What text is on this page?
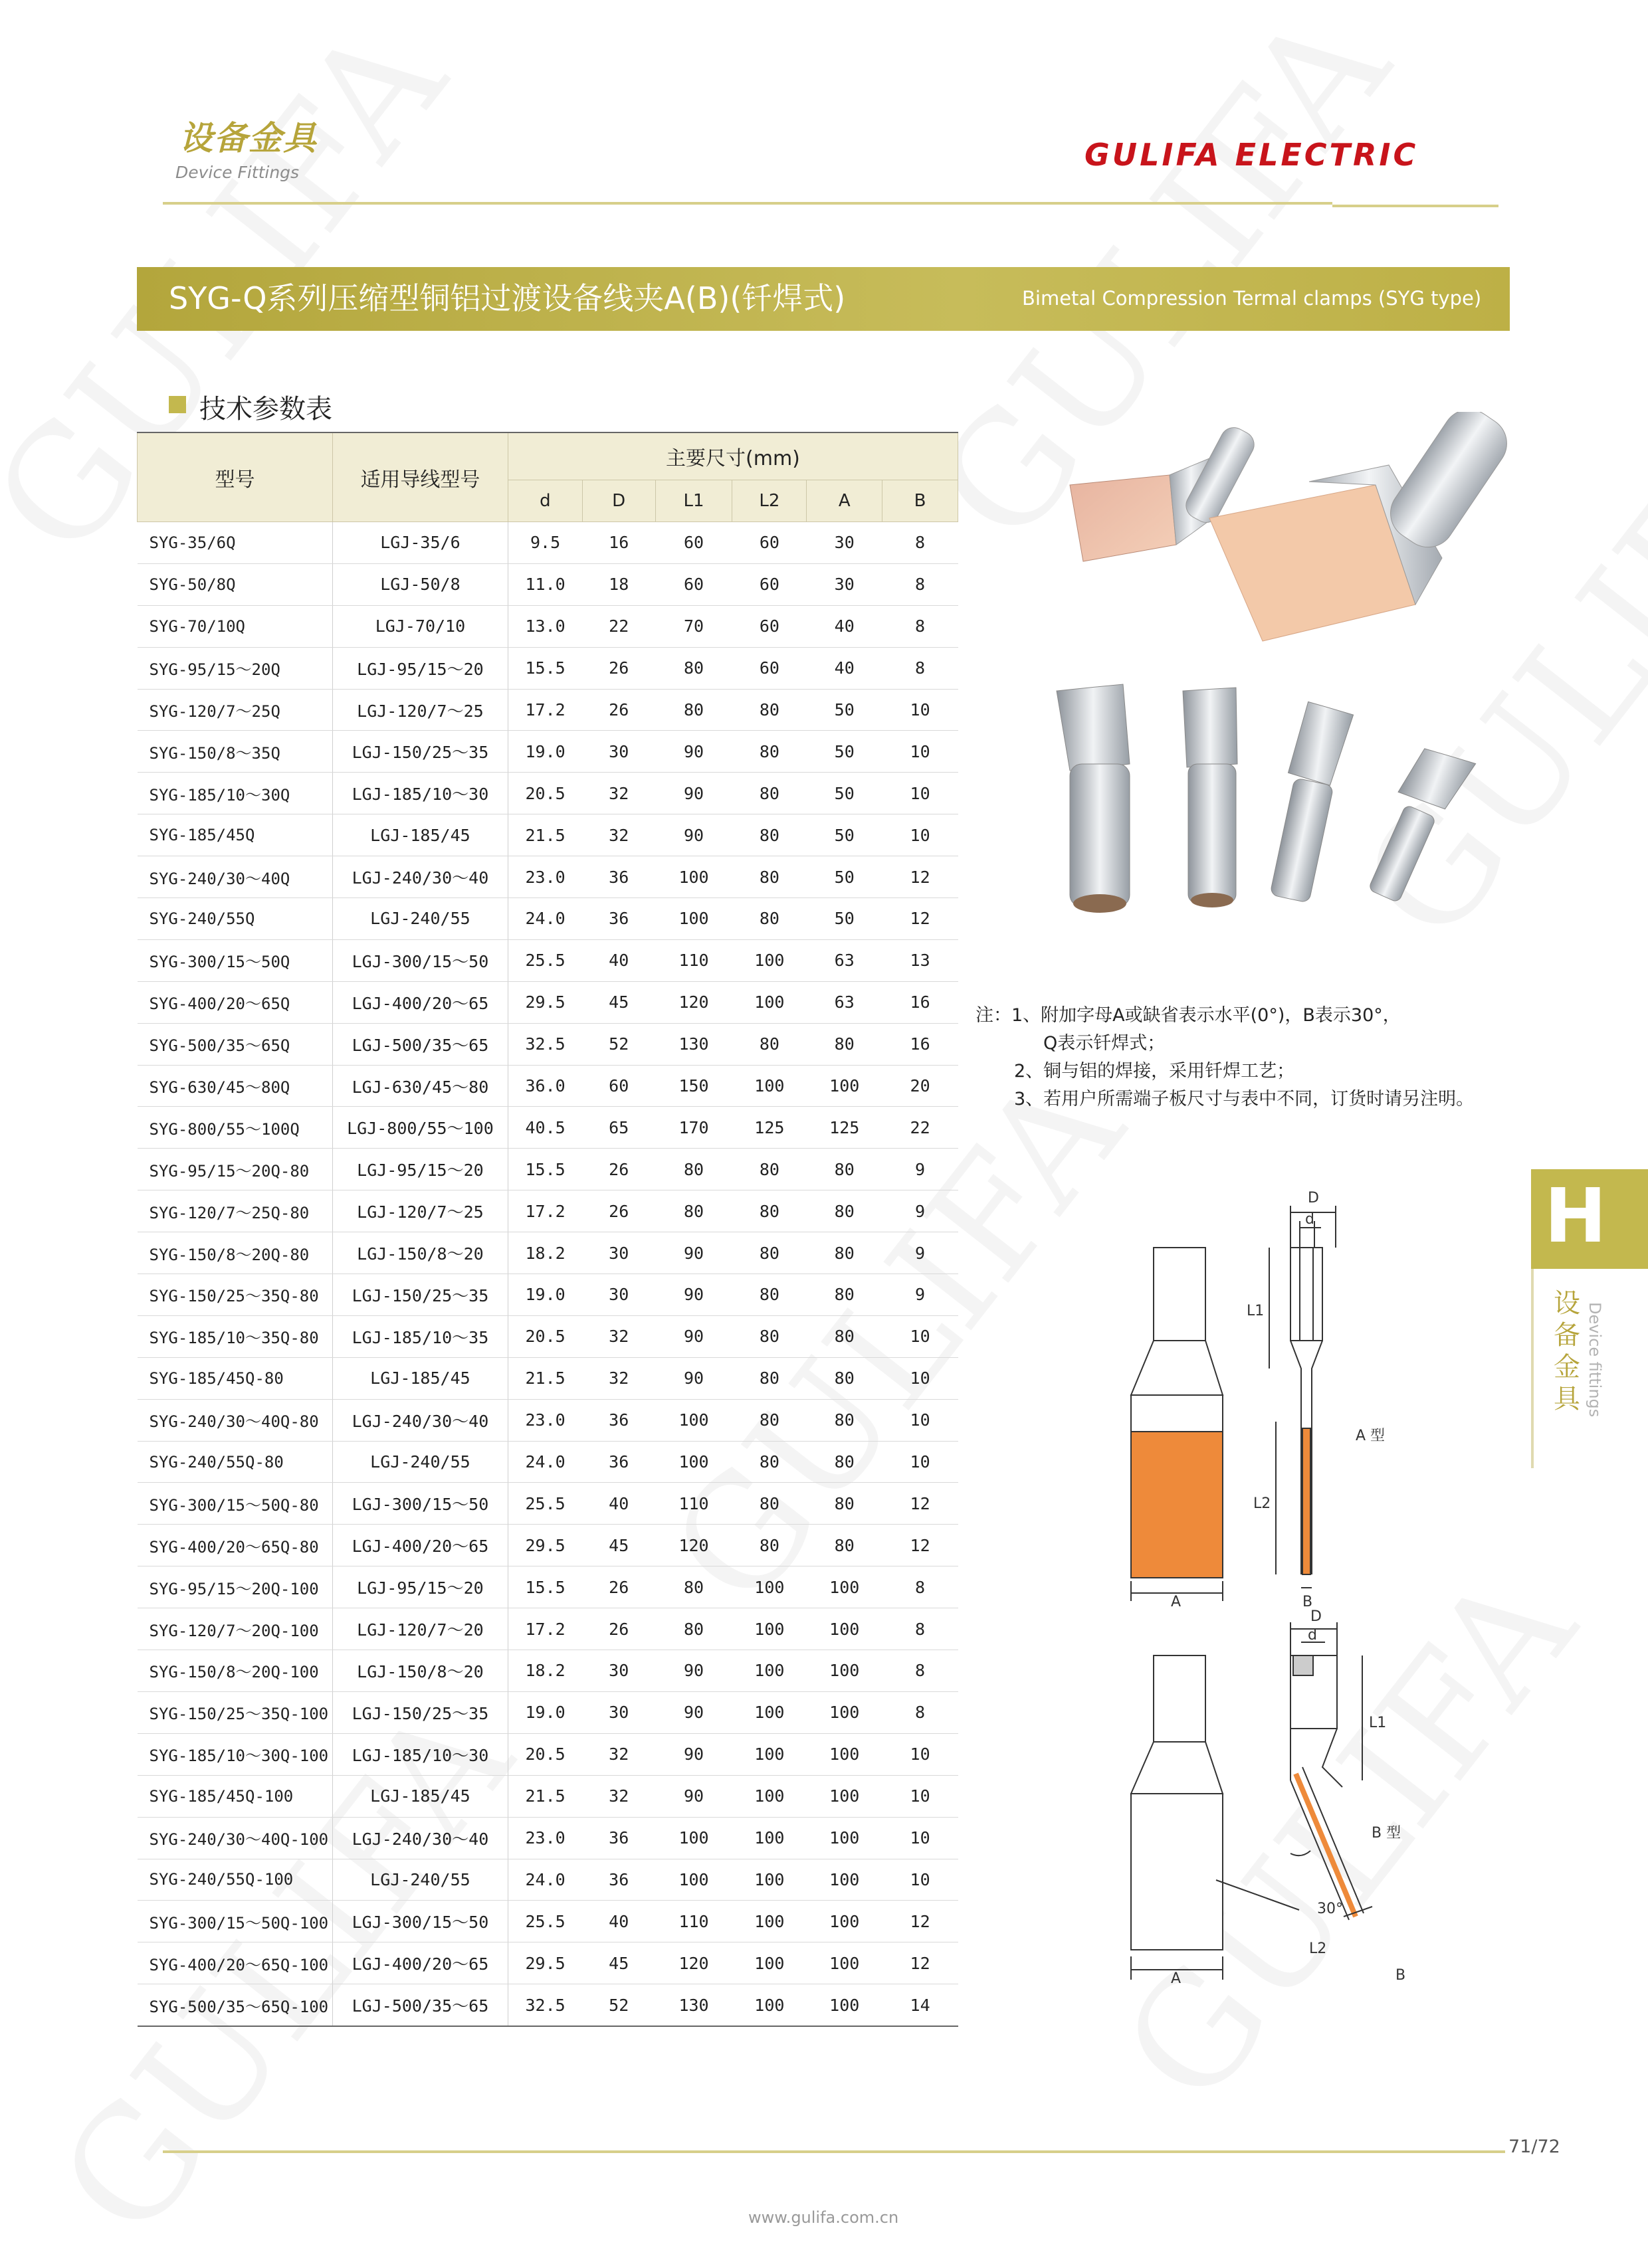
设备金具
Device Fittings	GULIFA ELECTRIC
SYG-Q系列压缩型铜铝过渡设备线夹A(B)(钎焊式)	Bimetal Compression Termal clamps (SYG type)
技术参数表
型号	适用导线型号	主要尺寸(mm)					
		d	D	L1	L2	A	B
SYG-35/6Q	LGJ-35/6	9.5	16	60	60	30	8
SYG-50/8Q	LGJ-50/8	11.0	18	60	60	30	8
SYG-70/10Q	LGJ-70/10	13.0	22	70	60	40	8
SYG-95/15～20Q	LGJ-95/15～20	15.5	26	80	60	40	8
SYG-120/7～25Q	LGJ-120/7～25	17.2	26	80	80	50	10
SYG-150/8～35Q	LGJ-150/25～35	19.0	30	90	80	50	10
SYG-185/10～30Q	LGJ-185/10～30	20.5	32	90	80	50	10
SYG-185/45Q	LGJ-185/45	21.5	32	90	80	50	10
SYG-240/30～40Q	LGJ-240/30～40	23.0	36	100	80	50	12
SYG-240/55Q	LGJ-240/55	24.0	36	100	80	50	12
SYG-300/15～50Q	LGJ-300/15～50	25.5	40	110	100	63	13
SYG-400/20～65Q	LGJ-400/20～65	29.5	45	120	100	63	16
SYG-500/35～65Q	LGJ-500/35～65	32.5	52	130	80	80	16
SYG-630/45～80Q	LGJ-630/45～80	36.0	60	150	100	100	20
SYG-800/55～100Q	LGJ-800/55～100	40.5	65	170	125	125	22
SYG-95/15～20Q-80	LGJ-95/15～20	15.5	26	80	80	80	9
SYG-120/7～25Q-80	LGJ-120/7～25	17.2	26	80	80	80	9
SYG-150/8～20Q-80	LGJ-150/8～20	18.2	30	90	80	80	9
SYG-150/25～35Q-80	LGJ-150/25～35	19.0	30	90	80	80	9
SYG-185/10～35Q-80	LGJ-185/10～35	20.5	32	90	80	80	10
SYG-185/45Q-80	LGJ-185/45	21.5	32	90	80	80	10
SYG-240/30～40Q-80	LGJ-240/30～40	23.0	36	100	80	80	10
SYG-240/55Q-80	LGJ-240/55	24.0	36	100	80	80	10
SYG-300/15～50Q-80	LGJ-300/15～50	25.5	40	110	80	80	12
SYG-400/20～65Q-80	LGJ-400/20～65	29.5	45	120	80	80	12
SYG-95/15～20Q-100	LGJ-95/15～20	15.5	26	80	100	100	8
SYG-120/7～20Q-100	LGJ-120/7～20	17.2	26	80	100	100	8
SYG-150/8～20Q-100	LGJ-150/8～20	18.2	30	90	100	100	8
SYG-150/25～35Q-100	LGJ-150/25～35	19.0	30	90	100	100	8
SYG-185/10～30Q-100	LGJ-185/10～30	20.5	32	90	100	100	10
SYG-185/45Q-100	LGJ-185/45	21.5	32	90	100	100	10
SYG-240/30～40Q-100	LGJ-240/30～40	23.0	36	100	100	100	10
SYG-240/55Q-100	LGJ-240/55	24.0	36	100	100	100	10
SYG-300/15～50Q-100	LGJ-300/15～50	25.5	40	110	100	100	12
SYG-400/20～65Q-100	LGJ-400/20～65	29.5	45	120	100	100	12
SYG-500/35～65Q-100	LGJ-500/35～65	32.5	52	130	100	100	14
注：1、附加字母A或缺省表示水平(0°)，B表示30°，
Q表示钎焊式；
2、铜与铝的焊接，采用钎焊工艺；
3、若用户所需端子板尺寸与表中不同，订货时请另注明。
D
d
L1
L2
A	B
A 型
D
d
L1
B 型
30°
L2
A	B
H
设备金具 Device fittings
71/72
www.gulifa.com.cn
